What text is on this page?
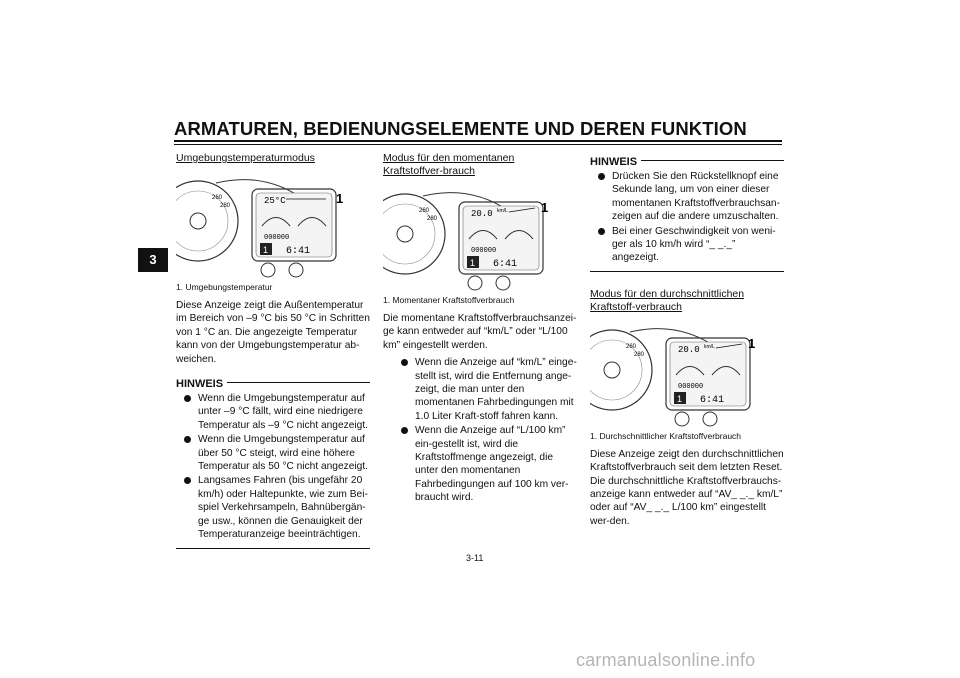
ARMATUREN, BEDIENUNGSELEMENTE UND DEREN FUNKTION
3
Umgebungstemperaturmodus
260
280	25°C
000000
1 6:41
1
1. Umgebungstemperatur
Diese Anzeige zeigt die Außentemperatur im Bereich von –9 °C bis 50 °C in Schritten von 1 °C an. Die angezeigte Temperatur kann von der Umgebungstemperatur ab-weichen.
HINWEIS
Wenn die Umgebungstemperatur auf unter –9 °C fällt, wird eine niedrigere Temperatur als –9 °C nicht angezeigt.
Wenn die Umgebungstemperatur auf über 50 °C steigt, wird eine höhere Temperatur als 50 °C nicht angezeigt.
Langsames Fahren (bis ungefähr 20 km/h) oder Haltepunkte, wie zum Bei-spiel Verkehrsampeln, Bahnübergän-ge usw., können die Genauigkeit der Temperaturanzeige beeinträchtigen.
Modus für den momentanen Kraftstoffver-brauch
260
280	20.0 km/L
000000
1 6:41
1
1. Momentaner Kraftstoffverbrauch
Die momentane Kraftstoffverbrauchsanzei-ge kann entweder auf “km/L” oder “L/100 km” eingestellt werden.
Wenn die Anzeige auf “km/L” einge-stellt ist, wird die Entfernung ange-zeigt, die man unter den momentanen Fahrbedingungen mit 1.0 Liter Kraft-stoff fahren kann.
Wenn die Anzeige auf “L/100 km” ein-gestellt ist, wird die Kraftstoffmenge angezeigt, die unter den momentanen Fahrbedingungen auf 100 km ver-braucht wird.
HINWEIS
Drücken Sie den Rückstellknopf eine Sekunde lang, um von einer dieser momentanen Kraftstoffverbrauchsan-zeigen auf die andere umzuschalten.
Bei einer Geschwindigkeit von weni-ger als 10 km/h wird “_ _._” angezeigt.
Modus für den durchschnittlichen Kraftstoff-verbrauch
260
280	20.0 km/L
000000
1 6:41
1
1. Durchschnittlicher Kraftstoffverbrauch
Diese Anzeige zeigt den durchschnittlichen Kraftstoffverbrauch seit dem letzten Reset. Die durchschnittliche Kraftstoffverbrauchs-anzeige kann entweder auf “AV_ _._ km/L” oder auf “AV_ _._ L/100 km” eingestellt wer-den.
3-11
carmanualsonline.info
